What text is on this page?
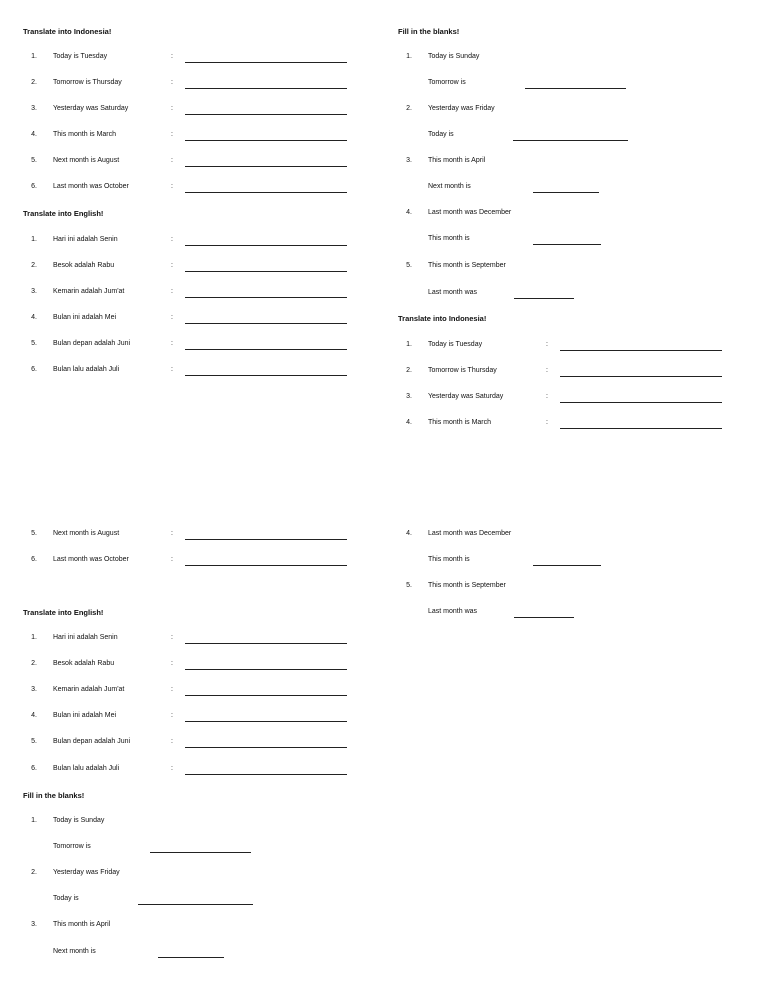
Translate into Indonesia!
1. Today is Tuesday	:
2. Tomorrow is Thursday	:
3. Yesterday was Saturday	:
4. This month is March	:
5. Next month is August	:
6. Last month was October	:
Translate into English!
1. Hari ini adalah Senin	:
2. Besok adalah Rabu	:
3. Kemarin adalah Jum'at	:
4. Bulan ini adalah Mei	:
5. Bulan depan adalah Juni	:
6. Bulan lalu adalah Juli	:
Fill in the blanks!
1. Today is Sunday
Tomorrow is
2. Yesterday was Friday
Today is
3. This month is April
Next month is
4. Last month was December
This month is
5. This month is September
Last month was
Translate into Indonesia!
1. Today is Tuesday	:
2. Tomorrow is Thursday	:
3. Yesterday was Saturday	:
4. This month is March	:
5. Next month is August	:
6. Last month was October	:
Translate into English!
1. Hari ini adalah Senin	:
2. Besok adalah Rabu	:
3. Kemarin adalah Jum'at	:
4. Bulan ini adalah Mei	:
5. Bulan depan adalah Juni	:
6. Bulan lalu adalah Juli	:
Fill in the blanks!
1. Today is Sunday
Tomorrow is
2. Yesterday was Friday
Today is
3. This month is April
Next month is
4. Last month was December
This month is
5. This month is September
Last month was
